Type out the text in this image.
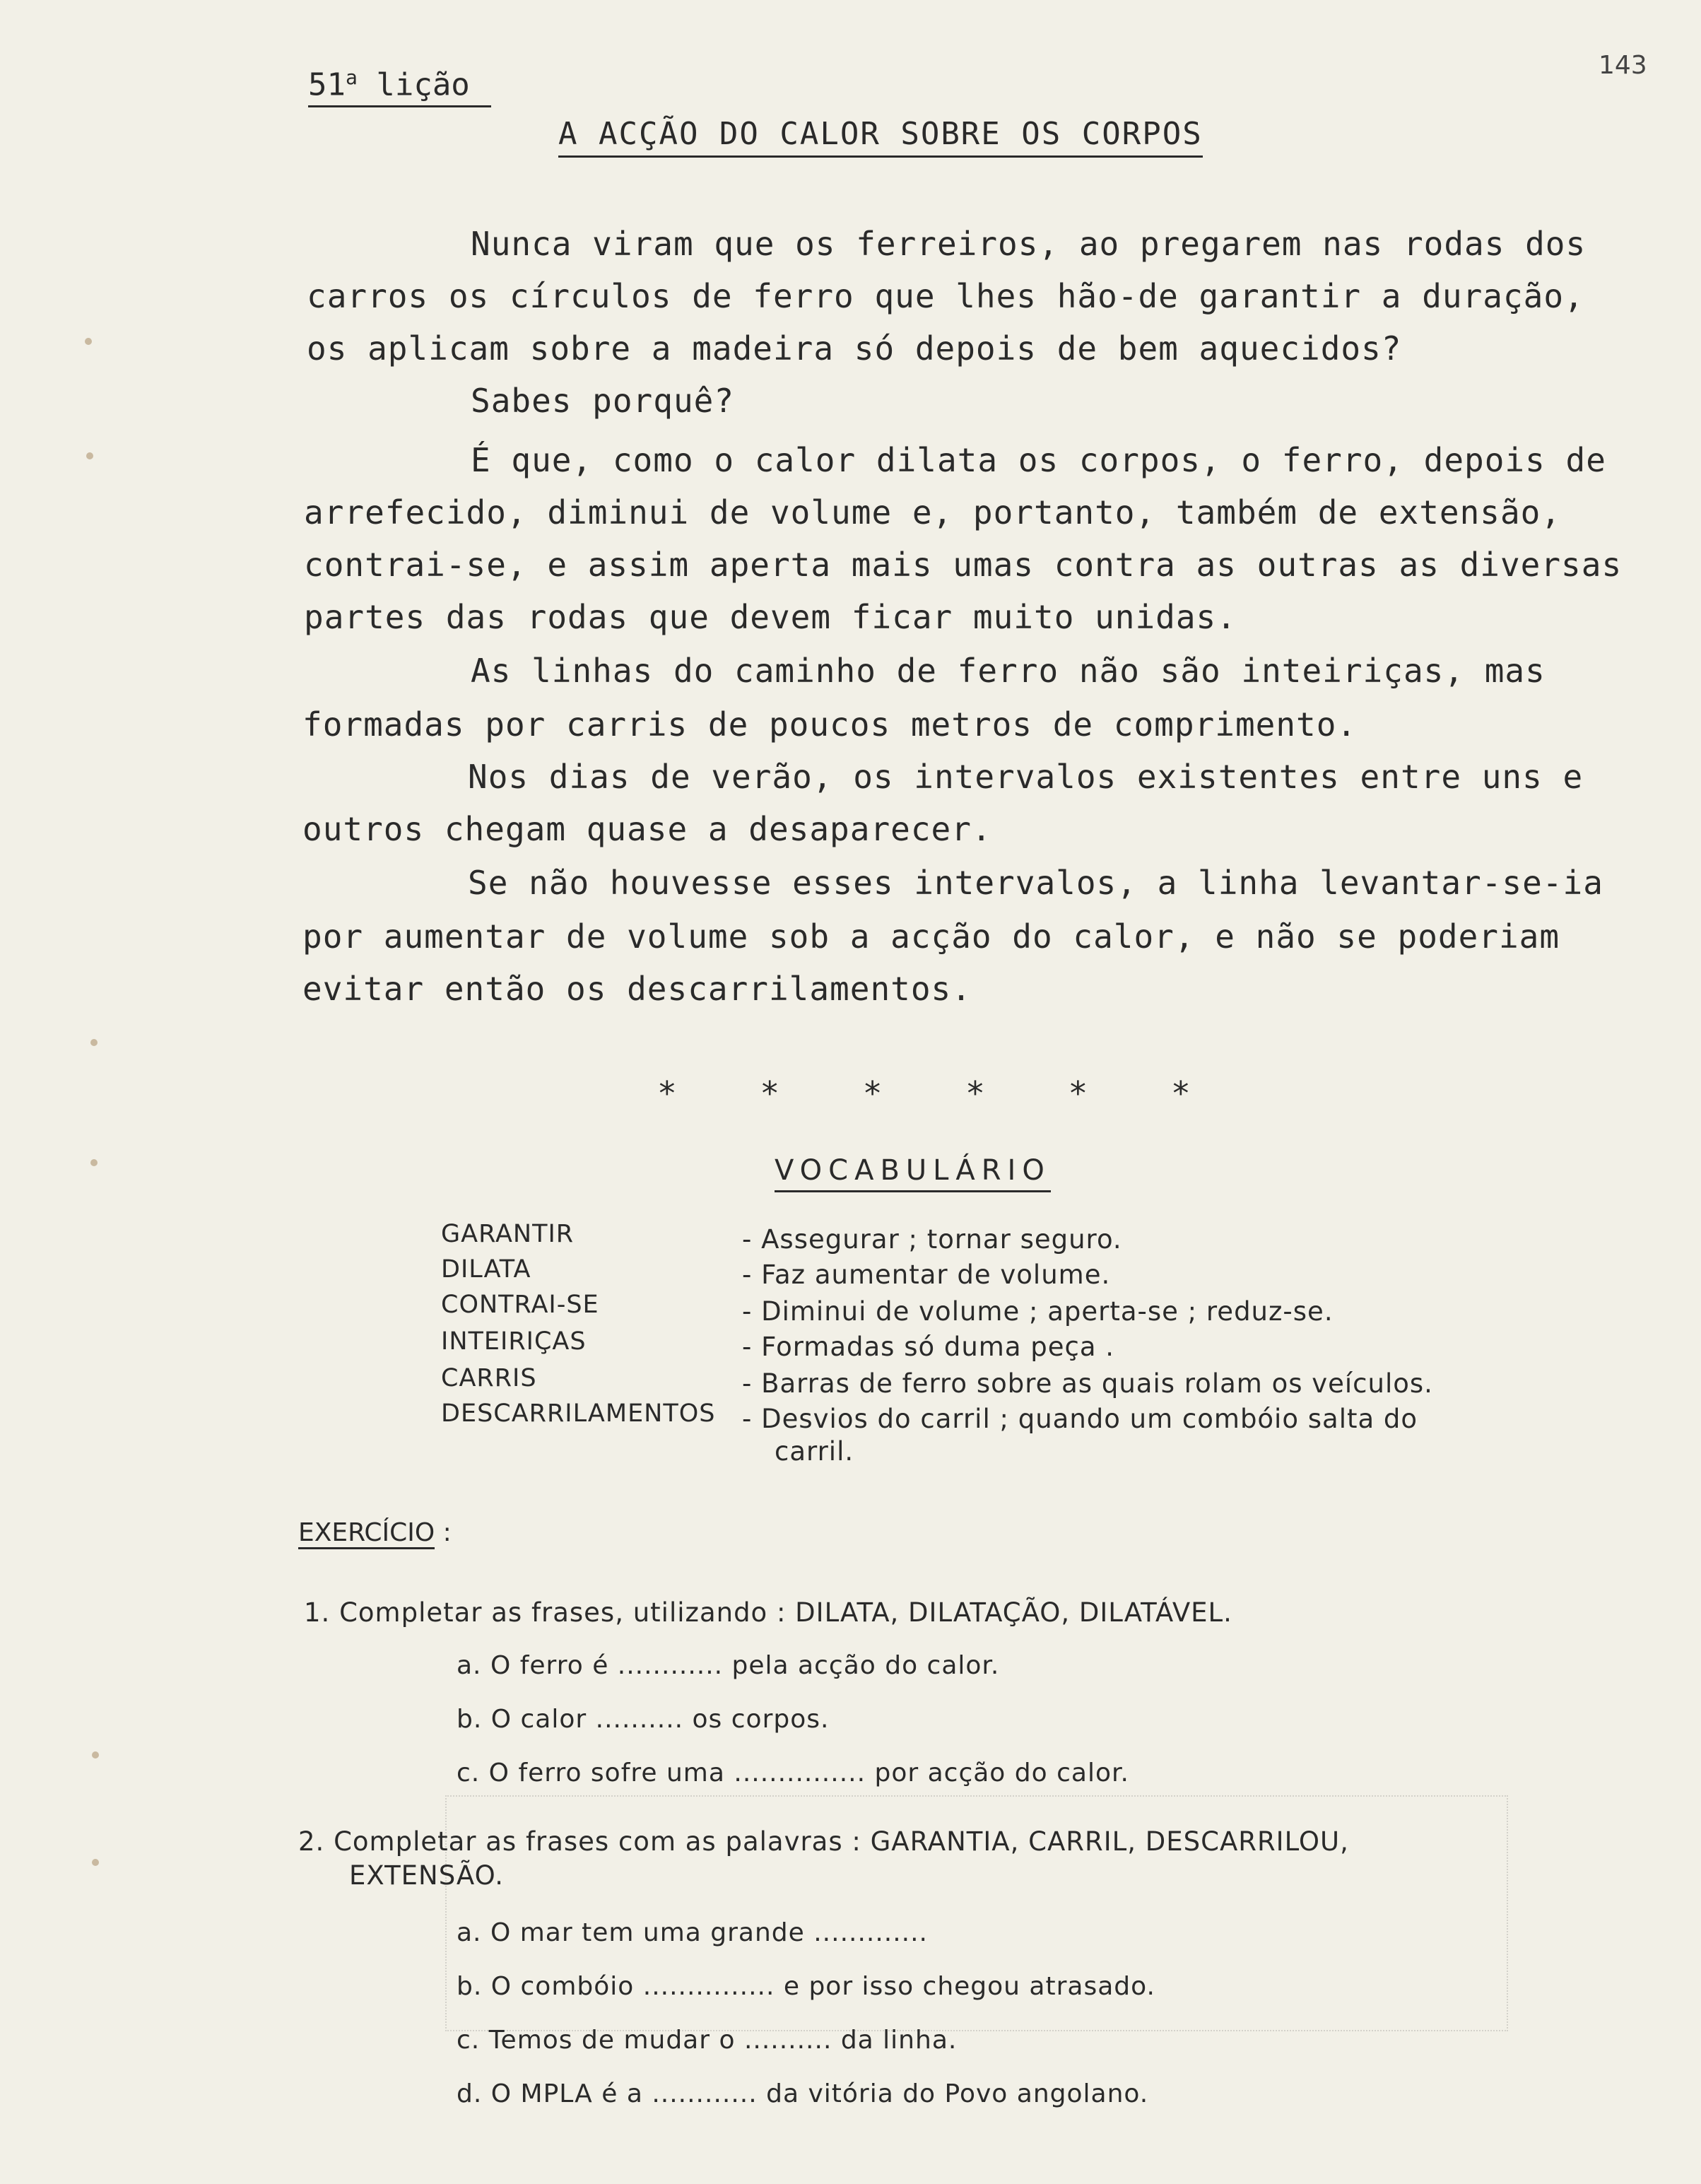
51$^a$ lição
143
A ACÇÃO DO CALOR SOBRE OS CORPOS
Nunca viram que os ferreiros, ao pregarem nas rodas dos
carros os círculos de ferro que lhes hão-de garantir a duração,
os aplicam sobre a madeira só depois de bem aquecidos?
Sabes porquê?
É que, como o calor dilata os corpos, o ferro, depois de
arrefecido, diminui de volume e, portanto, também de extensão,
contrai-se, e assim aperta mais umas contra as outras as diversas
partes das rodas que devem ficar muito unidas.
As linhas do caminho de ferro não são inteiriças, mas
formadas por carris de poucos metros de comprimento.
Nos dias de verão, os intervalos existentes entre uns e
outros chegam quase a desaparecer.
Se não houvesse esses intervalos, a linha levantar-se-ia
por aumentar de volume sob a acção do calor, e não se poderiam
evitar então os descarrilamentos.
* * * * * *
VOCABULÁRIO
GARANTIR	- Assegurar ; tornar seguro.
DILATA	- Faz aumentar de volume.
CONTRAI-SE	- Diminui de volume ; aperta-se ; reduz-se.
INTEIRIÇAS	- Formadas só duma peça .
CARRIS	- Barras de ferro sobre as quais rolam os veículos.
DESCARRILAMENTOS - Desvios do carril ; quando um combóio salta do
carril.
EXERCÍCIO :
1. Completar as frases, utilizando : DILATA, DILATAÇÃO, DILATÁVEL.
a. O ferro é ............ pela acção do calor.
b. O calor .......... os corpos.
c. O ferro sofre uma ............... por acção do calor.
2. Completar as frases com as palavras : GARANTIA, CARRIL, DESCARRILOU,
EXTENSÃO.
a. O mar tem uma grande .............
b. O combóio ............... e por isso chegou atrasado.
c. Temos de mudar o .......... da linha.
d. O MPLA é a ............ da vitória do Povo angolano.
